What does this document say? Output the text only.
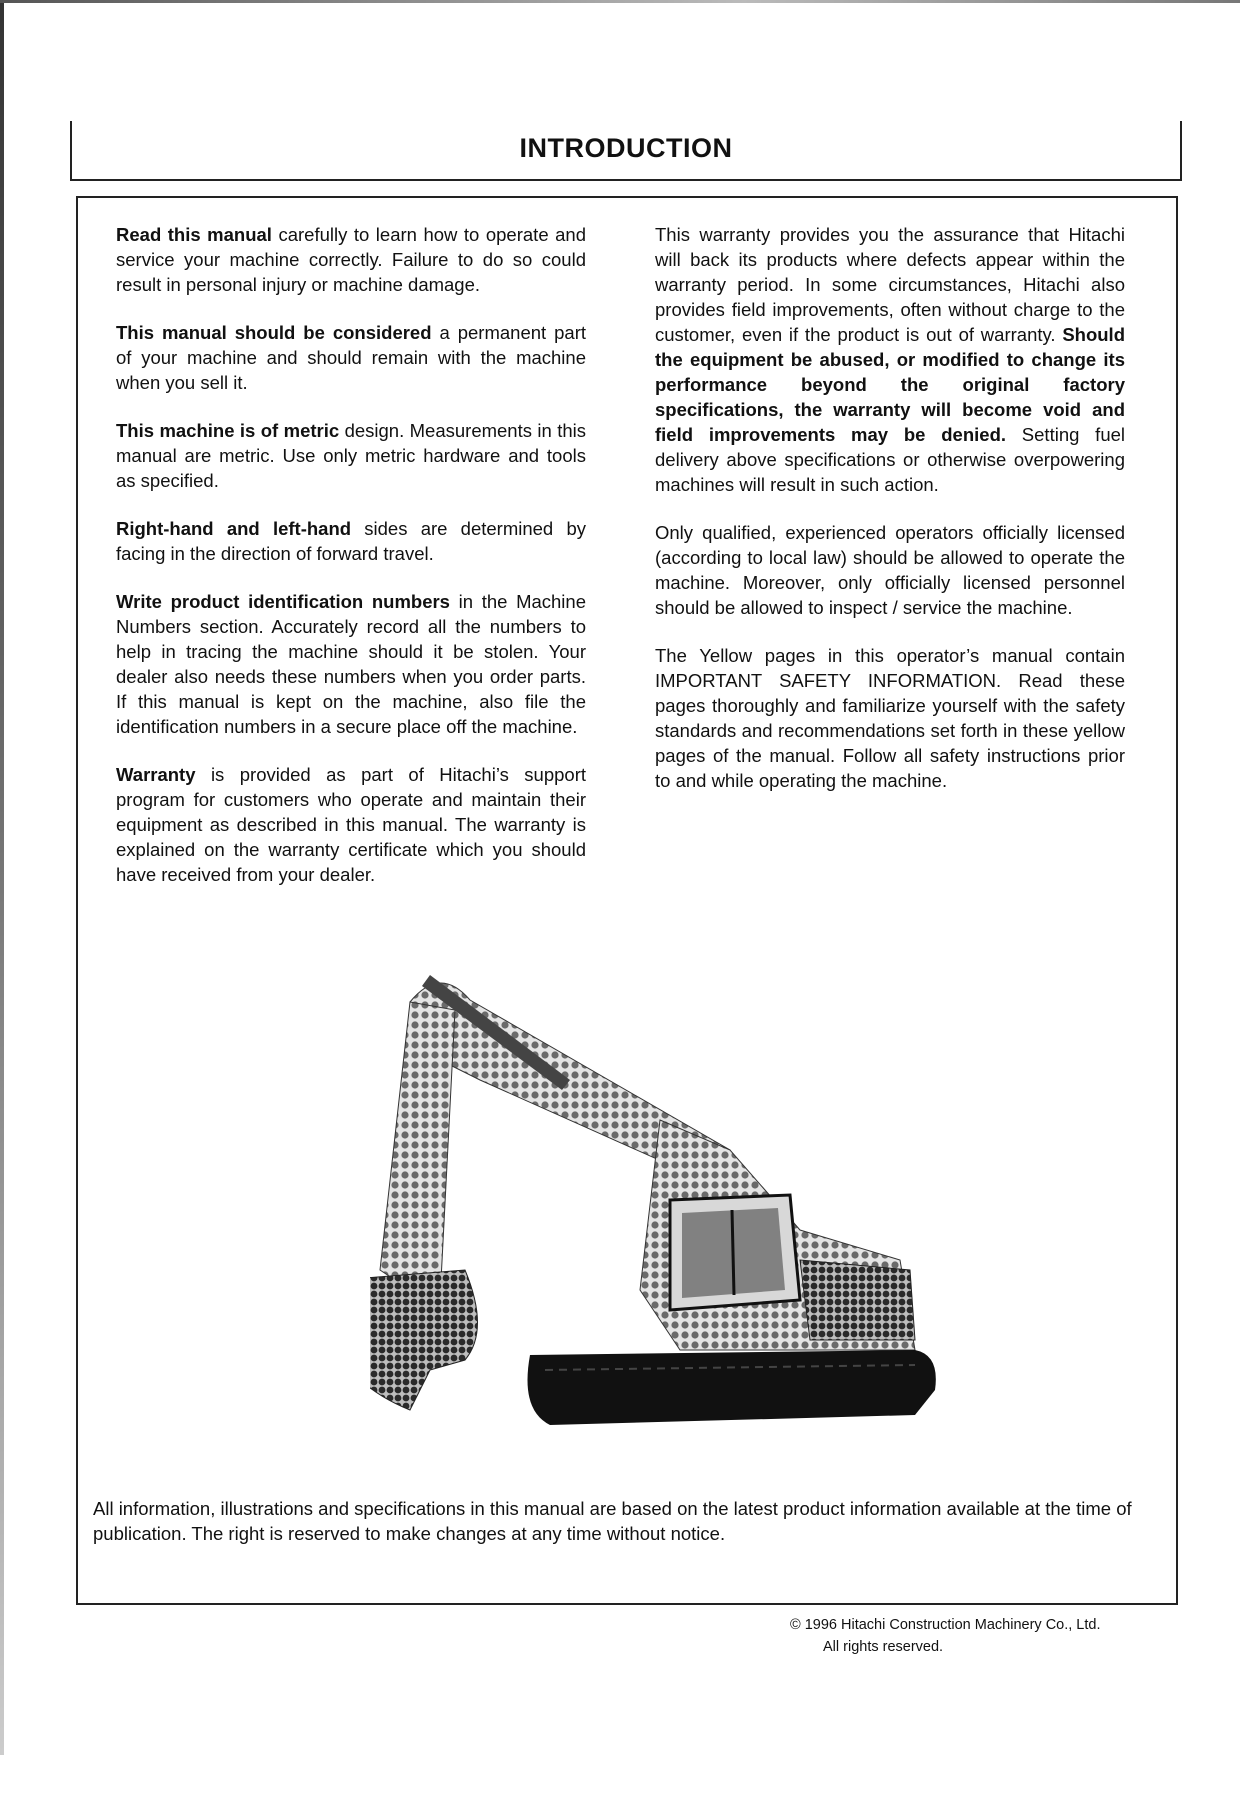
INTRODUCTION

Read this manual carefully to learn how to operate and service your machine correctly. Failure to do so could result in personal injury or machine damage.

This manual should be considered a permanent part of your machine and should remain with the machine when you sell it.

This machine is of metric design. Measurements in this manual are metric. Use only metric hardware and tools as specified.

Right-hand and left-hand sides are determined by facing in the direction of forward travel.

Write product identification numbers in the Machine Numbers section. Accurately record all the numbers to help in tracing the machine should it be stolen. Your dealer also needs these numbers when you order parts. If this manual is kept on the machine, also file the identification numbers in a secure place off the machine.

Warranty is provided as part of Hitachi’s support program for customers who operate and maintain their equipment as described in this manual. The warranty is explained on the warranty certificate which you should have received from your dealer.

This warranty provides you the assurance that Hitachi will back its products where defects appear within the warranty period. In some circumstances, Hitachi also provides field improvements, often without charge to the customer, even if the product is out of warranty. Should the equipment be abused, or modified to change its performance beyond the original factory specifications, the warranty will become void and field improvements may be denied. Setting fuel delivery above specifications or otherwise overpowering machines will result in such action.

Only qualified, experienced operators officially licensed (according to local law) should be allowed to operate the machine. Moreover, only officially licensed personnel should be allowed to inspect / service the machine.

The Yellow pages in this operator’s manual contain IMPORTANT SAFETY INFORMATION. Read these pages thoroughly and familiarize yourself with the safety standards and recommendations set forth in these yellow pages of the manual. Follow all safety instructions prior to and while operating the machine.

All information, illustrations and specifications in this manual are based on the latest product information available at the time of publication. The right is reserved to make changes at any time without notice.
© 1996 Hitachi Construction Machinery Co., Ltd.
All rights reserved.
